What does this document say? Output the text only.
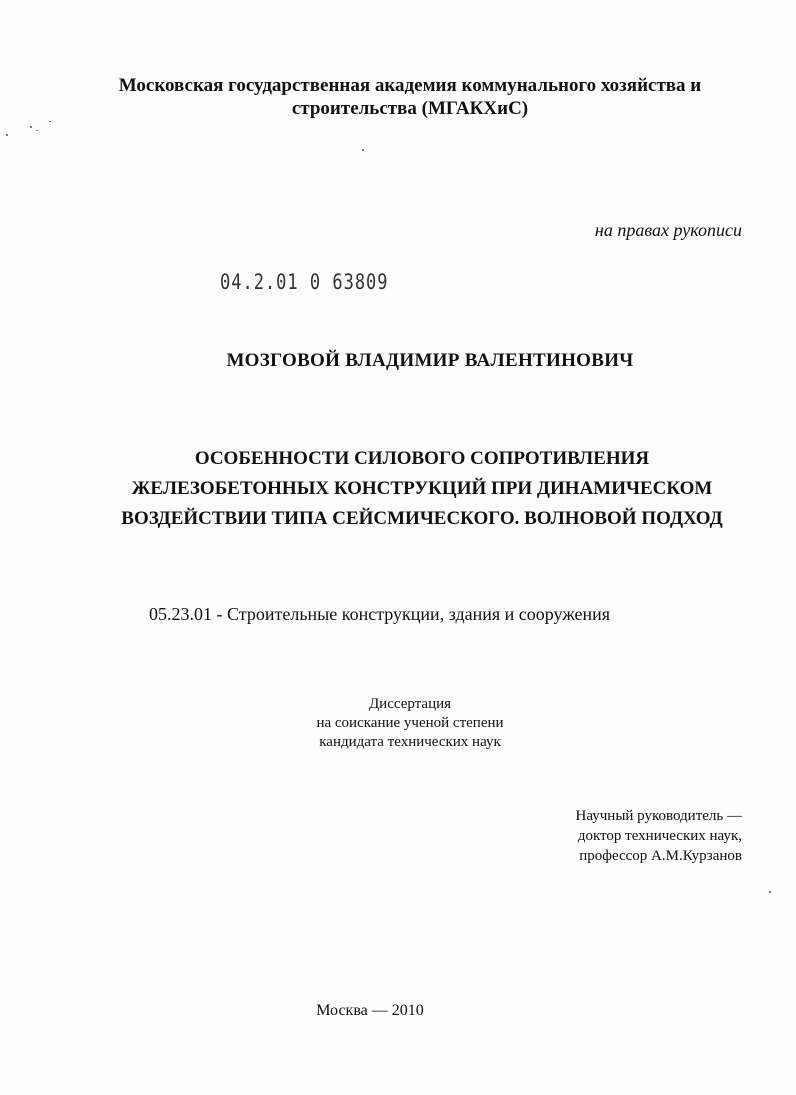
Московская государственная академия коммунального хозяйства и
строительства (МГАКХиС)
на правах рукописи
04.2.01 0 63809
МОЗГОВОЙ ВЛАДИМИР ВАЛЕНТИНОВИЧ
ОСОБЕННОСТИ СИЛОВОГО СОПРОТИВЛЕНИЯ
ЖЕЛЕЗОБЕТОННЫХ КОНСТРУКЦИЙ ПРИ ДИНАМИЧЕСКОМ
ВОЗДЕЙСТВИИ ТИПА СЕЙСМИЧЕСКОГО. ВОЛНОВОЙ ПОДХОД
05.23.01 - Строительные конструкции, здания и сооружения
Диссертация
на соискание ученой степени
кандидата технических наук
Научный руководитель —
доктор технических наук,
профессор А.М.Курзанов
Москва — 2010
